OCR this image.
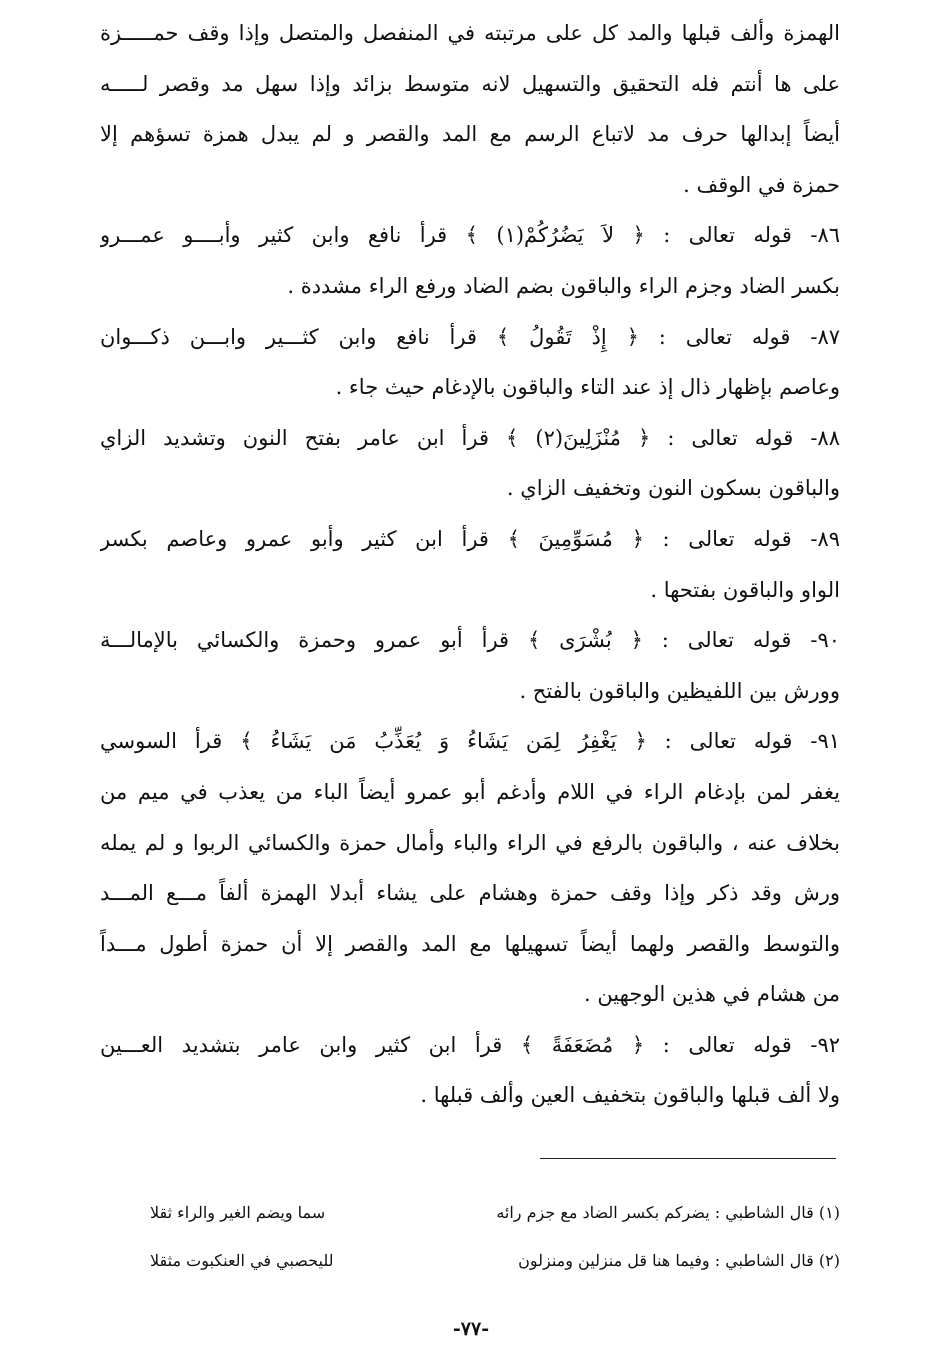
الهمزة وألف قبلها والمد كل على مرتبته في المنفصل والمتصل وإذا وقف حمـــــزة
على ها أنتم فله التحقيق والتسهيل لانه متوسط بزائد وإذا سهل مد وقصر لـــــه
أيضاً إبدالها حرف مد لاتباع الرسم مع المد والقصر و لم يبدل همزة تسؤهم إلا
حمزة في الوقف .
٨٦- قوله تعالى : ﴿ لاَ يَضُرُكُمْ(١) ﴾ قرأ نافع وابن كثير وأبــــو عمـــرو
بكسر الضاد وجزم الراء والباقون بضم الضاد ورفع الراء مشددة .
٨٧- قوله تعالى : ﴿ إِذْ تَقُولُ ﴾ قرأ نافع وابن كثـــير وابـــن ذكـــوان
وعاصم بإظهار ذال إذ عند التاء والباقون بالإدغام حيث جاء .
٨٨- قوله تعالى : ﴿ مُنْزَلِينَ(٢) ﴾ قرأ ابن عامر بفتح النون وتشديد الزاي
والباقون بسكون النون وتخفيف الزاي .
٨٩- قوله تعالى : ﴿ مُسَوِّمِينَ ﴾ قرأ ابن كثير وأبو عمرو وعاصم بكسر
الواو والباقون بفتحها .
٩٠- قوله تعالى : ﴿ بُشْرَى ﴾ قرأ أبو عمرو وحمزة والكسائي بالإمالـــة
وورش بين اللفيظين والباقون بالفتح .
٩١- قوله تعالى : ﴿ يَغْفِرُ لِمَن يَشَاءُ وَ يُعَذِّبُ مَن يَشَاءُ ﴾ قرأ السوسي
يغفر لمن بإدغام الراء في اللام وأدغم أبو عمرو أيضاً الباء من يعذب في ميم من
بخلاف عنه ، والباقون بالرفع في الراء والباء وأمال حمزة والكسائي الربوا و لم يمله
ورش وقد ذكر وإذا وقف حمزة وهشام على يشاء أبدلا الهمزة ألفاً مـــع المـــد
والتوسط والقصر ولهما أيضاً تسهيلها مع المد والقصر إلا أن حمزة أطول مـــداً
من هشام في هذين الوجهين .
٩٢- قوله تعالى : ﴿ مُضَعَفَةً ﴾ قرأ ابن كثير وابن عامر بتشديد العـــين
ولا ألف قبلها والباقون بتخفيف العين وألف قبلها .
(١) قال الشاطبي : يضركم بكسر الضاد مع جزم رائه
سما ويضم الغير والراء ثقلا
(٢) قال الشاطبي : وفيما هنا قل منزلين ومنزلون
لليحصبي في العنكبوت مثقلا
-٧٧-
